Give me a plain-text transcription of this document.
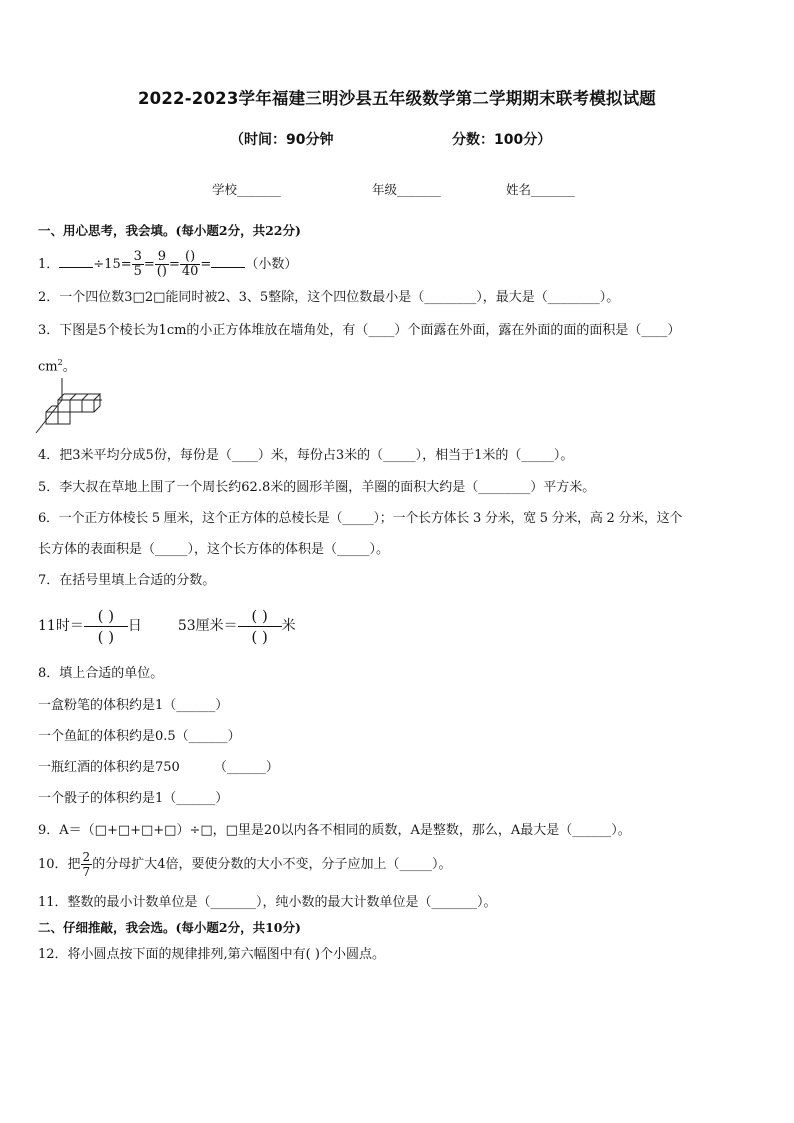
2022-2023学年福建三明沙县五年级数学第二学期期末联考模拟试题
（时间：90分钟	分数：100分）
学校_______	年级_______	姓名_______
一、用心思考，我会填。(每小题2分，共22分)
1．	$\div 15= \frac{3}{5} = \frac{9}{()} = \frac{()}{40}$ =	（小数）
2．一个四位数3□2□能同时被2、3、5整除，这个四位数最小是（________），最大是（________）。
3．下图是5个棱长为1cm的小正方体堆放在墙角处，有（____）个面露在外面，露在外面的面的面积是（____）
$cm^2$。
4．把3米平均分成5份，每份是（____）米，每份占3米的（_____），相当于1米的（_____）。
5．李大叔在草地上围了一个周长约62.8米的圆形羊圈，羊圈的面积大约是（________）平方米。
6．一个正方体棱长 5 厘米，这个正方体的总棱长是（_____）；一个长方体长 3 分米，宽 5 分米，高 2 分米，这个
长方体的表面积是（_____），这个长方体的体积是（_____）。
7．在括号里填上合适的分数。
11时＝
( )
( )
日	53厘米＝
( )
( )
米
8．填上合适的单位。
一盒粉笔的体积约是1（______）
一个鱼缸的体积约是0.5（______）
一瓶红酒的体积约是750	（______）
一个骰子的体积约是1（______）
9．A＝（□+□+□+□）÷□，□里是20以内各不相同的质数，A是整数，那么，A最大是（______）。
10．把 $\frac{2}{7}$ 的分母扩大4倍，要使分数的大小不变，分子应加上（_____）。
11．整数的最小计数单位是（_______），纯小数的最大计数单位是（_______）。
二、仔细推敲，我会选。(每小题2分，共10分)
12．将小圆点按下面的规律排列,第六幅图中有( )个小圆点。
